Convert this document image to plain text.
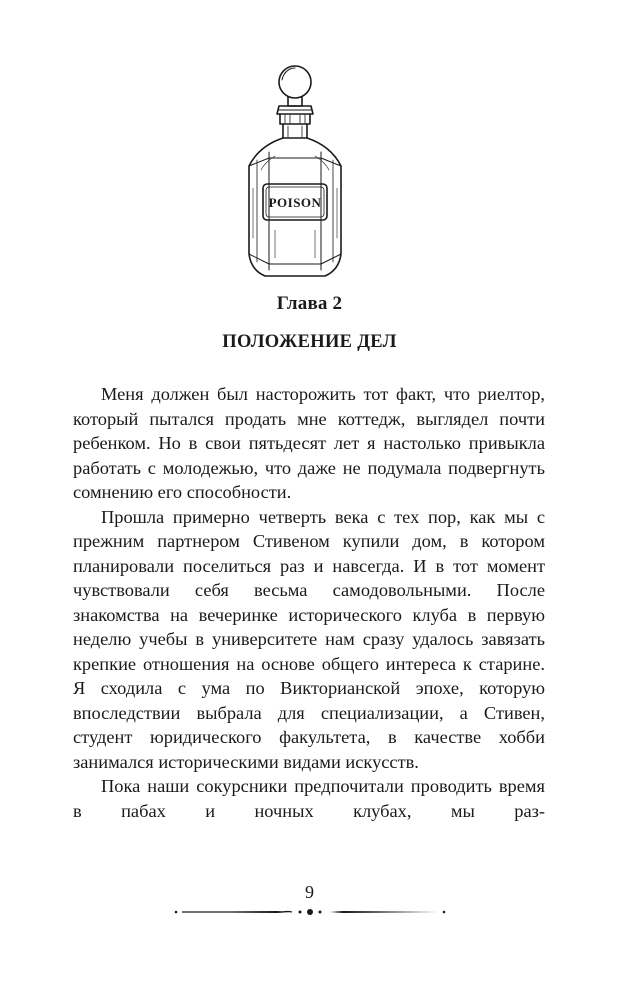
POISON
Глава 2
ПОЛОЖЕНИЕ ДЕЛ

Меня должен был насторожить тот факт, что риелтор, который пытался продать мне коттедж, выглядел почти ребенком. Но в свои пятьдесят лет я настолько привыкла работать с молодежью, что даже не подумала подвергнуть сомнению его способности.

Прошла примерно четверть века с тех пор, как мы с прежним партнером Стивеном купили дом, в котором планировали поселиться раз и навсегда. И в тот момент чувствовали себя весьма самодовольными. После знакомства на вечеринке исторического клуба в первую неделю учебы в университете нам сразу удалось завязать крепкие отношения на основе общего интереса к старине. Я сходила с ума по Викторианской эпохе, которую впоследствии выбрала для специализации, а Стивен, студент юридического факультета, в качестве хобби занимался историческими видами искусств.

Пока наши сокурсники предпочитали проводить время в пабах и ночных клубах, мы раз-

9
